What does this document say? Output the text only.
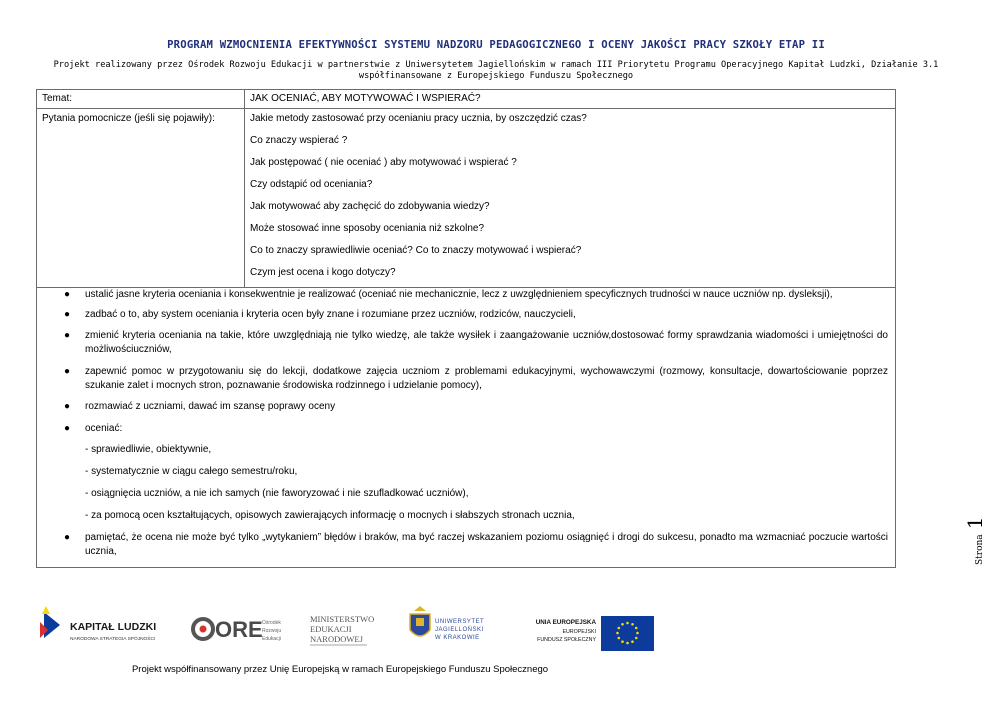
PROGRAM WZMOCNIENIA EFEKTYWNOŚCI SYSTEMU NADZORU PEDAGOGICZNEGO I OCENY JAKOŚCI PRACY SZKOŁY ETAP II
Projekt realizowany przez Ośrodek Rozwoju Edukacji w partnerstwie z Uniwersytetem Jagiellońskim w ramach III Priorytetu Programu Operacyjnego Kapitał Ludzki, Działanie 3.1
współfinansowane z Europejskiego Funduszu Społecznego
Temat:	JAK OCENIAĆ, ABY MOTYWOWAĆ I WSPIERAĆ?
Pytania pomocnicze (jeśli się pojawiły):	Jakie metody zastosować przy ocenianiu pracy ucznia, by oszczędzić czas?
Co znaczy wspierać ?
Jak postępować ( nie oceniać ) aby motywować i wspierać ?
Czy odstąpić od oceniania?
Jak motywować aby zachęcić do zdobywania wiedzy?
Może stosować inne sposoby oceniania niż szkolne?
Co to znaczy sprawiedliwie oceniać? Co to znaczy motywować i wspierać?
Czym jest ocena i kogo dotyczy?
● ustalić jasne kryteria oceniania i konsekwentnie je realizować (oceniać nie mechanicznie, lecz z uwzględnieniem specyficznych trudności w nauce uczniów np. dysleksji),
● zadbać o to, aby system oceniania i kryteria ocen były znane i rozumiane przez uczniów, rodziców, nauczycieli,
● zmienić kryteria oceniania na takie, które uwzględniają nie tylko wiedzę, ale także wysiłek i zaangażowanie uczniów,dostosować formy sprawdzania wiadomości i umiejętności do możliwościuczniów,
● zapewnić pomoc w przygotowaniu się do lekcji, dodatkowe zajęcia uczniom z problemami edukacyjnymi, wychowawczymi (rozmowy, konsultacje, dowartościowanie poprzez szukanie zalet i mocnych stron, poznawanie środowiska rodzinnego i udzielanie pomocy),
● rozmawiać z uczniami, dawać im szansę poprawy oceny
● oceniać:
- sprawiedliwie, obiektywnie,
- systematycznie w ciągu całego semestru/roku,
- osiągnięcia uczniów, a nie ich samych (nie faworyzować i nie szufladkować uczniów),
- za pomocą ocen kształtujących, opisowych zawierających informację o mocnych i słabszych stronach ucznia,
● pamiętać, że ocena nie może być tylko „wytykaniem” błędów i braków, ma być raczej wskazaniem poziomu osiągnięć i drogi do sukcesu, ponadto ma wzmacniać poczucie wartości ucznia,	Strona 1
KAPITAŁ LUDZKI
NARODOWA STRATEGIA SPÓJNOŚCI	ORE Ośrodek
Rozwoju
Edukacji
MINISTERSTWO
EDUKACJI
NARODOWEJ
UNIWERSYTET
JAGIELLOŃSKI
W KRAKOWIE
UNIA EUROPEJSKA
EUROPEJSKI
FUNDUSZ SPOŁECZNY
Projekt współfinansowany przez Unię Europejską w ramach Europejskiego Funduszu Społecznego
